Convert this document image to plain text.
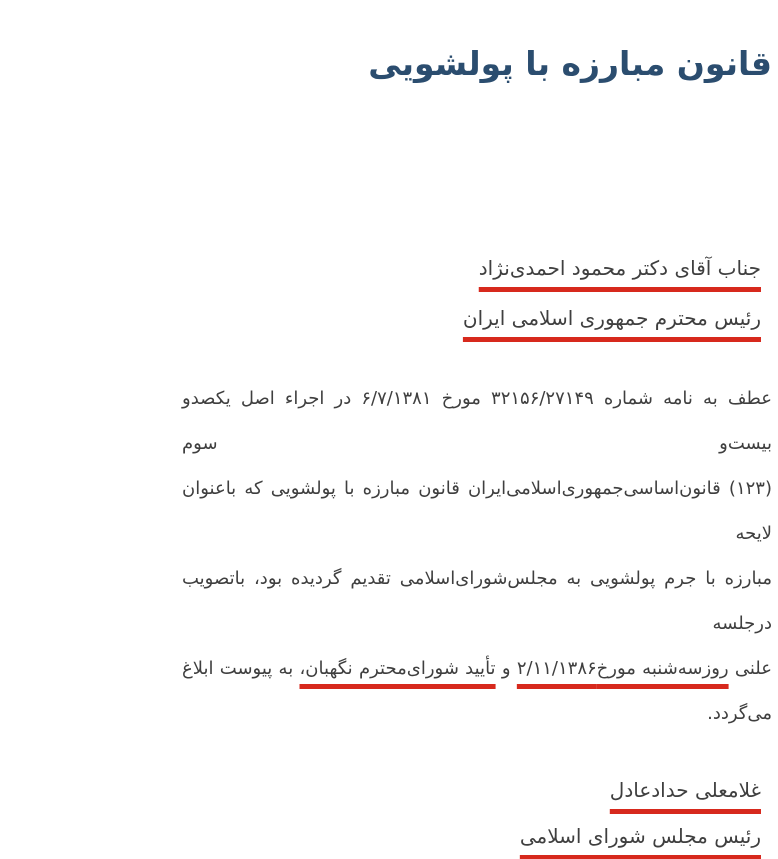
قانون مبارزه با پولشویی
جناب آقای دکتر محمود احمدی‌نژاد
رئیس محترم جمهوری اسلامی ایران
عطف به نامه شماره ۳۲۱۵۶/۲۷۱۴۹ مورخ ۶/۷/۱۳۸۱ در اجراء اصل یکصدو بیست‌و سوم
(۱۲۳) قانون‌اساسی‌جمهوری‌اسلامی‌ایران قانون مبارزه با پولشویی که باعنوان لایحه
مبارزه با جرم پولشویی به مجلس‌شورای‌اسلامی تقدیم گردیده بود، باتصویب درجلسه
علنی روزسه‌شنبه مورخ۲/۱۱/۱۳۸۶ و تأیید شورای‌محترم نگهبان، به پیوست ابلاغ
می‌گردد.
غلامعلی حدادعادل
رئیس مجلس شورای اسلامی
